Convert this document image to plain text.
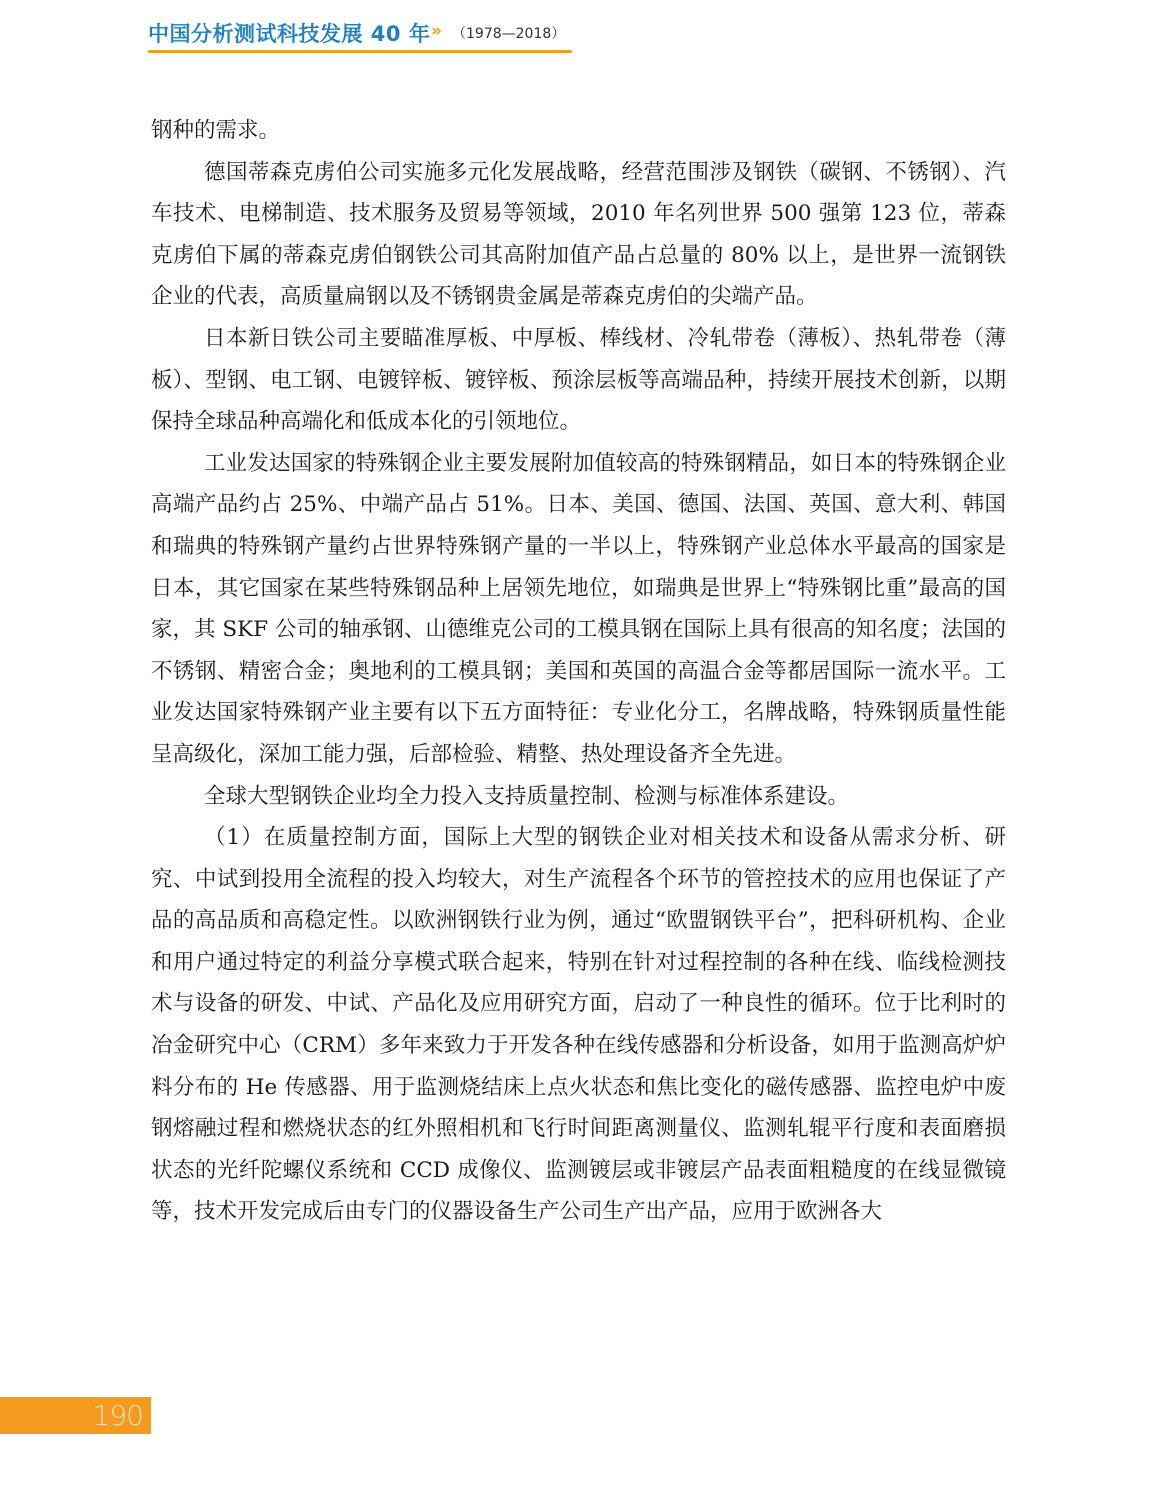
中国分析测试科技发展 40 年 » （1978—2018）

钢种的需求。

德国蒂森克虏伯公司实施多元化发展战略，经营范围涉及钢铁（碳钢、不锈钢）、汽车技术、电梯制造、技术服务及贸易等领域，2010 年名列世界 500 强第 123 位，蒂森克虏伯下属的蒂森克虏伯钢铁公司其高附加值产品占总量的 80% 以上，是世界一流钢铁企业的代表，高质量扁钢以及不锈钢贵金属是蒂森克虏伯的尖端产品。

日本新日铁公司主要瞄准厚板、中厚板、棒线材、冷轧带卷（薄板）、热轧带卷（薄板）、型钢、电工钢、电镀锌板、镀锌板、预涂层板等高端品种，持续开展技术创新，以期保持全球品种高端化和低成本化的引领地位。

工业发达国家的特殊钢企业主要发展附加值较高的特殊钢精品，如日本的特殊钢企业高端产品约占 25%、中端产品占 51%。日本、美国、德国、法国、英国、意大利、韩国和瑞典的特殊钢产量约占世界特殊钢产量的一半以上，特殊钢产业总体水平最高的国家是日本，其它国家在某些特殊钢品种上居领先地位，如瑞典是世界上“特殊钢比重”最高的国家，其 SKF 公司的轴承钢、山德维克公司的工模具钢在国际上具有很高的知名度；法国的不锈钢、精密合金；奥地利的工模具钢；美国和英国的高温合金等都居国际一流水平。工业发达国家特殊钢产业主要有以下五方面特征：专业化分工，名牌战略，特殊钢质量性能呈高级化，深加工能力强，后部检验、精整、热处理设备齐全先进。

全球大型钢铁企业均全力投入支持质量控制、检测与标准体系建设。

（1）在质量控制方面，国际上大型的钢铁企业对相关技术和设备从需求分析、研究、中试到投用全流程的投入均较大，对生产流程各个环节的管控技术的应用也保证了产品的高品质和高稳定性。以欧洲钢铁行业为例，通过“欧盟钢铁平台”，把科研机构、企业和用户通过特定的利益分享模式联合起来，特别在针对过程控制的各种在线、临线检测技术与设备的研发、中试、产品化及应用研究方面，启动了一种良性的循环。位于比利时的冶金研究中心（CRM）多年来致力于开发各种在线传感器和分析设备，如用于监测高炉炉料分布的 He 传感器、用于监测烧结床上点火状态和焦比变化的磁传感器、监控电炉中废钢熔融过程和燃烧状态的红外照相机和飞行时间距离测量仪、监测轧辊平行度和表面磨损状态的光纤陀螺仪系统和 CCD 成像仪、监测镀层或非镀层产品表面粗糙度的在线显微镜等，技术开发完成后由专门的仪器设备生产公司生产出产品，应用于欧洲各大

190
